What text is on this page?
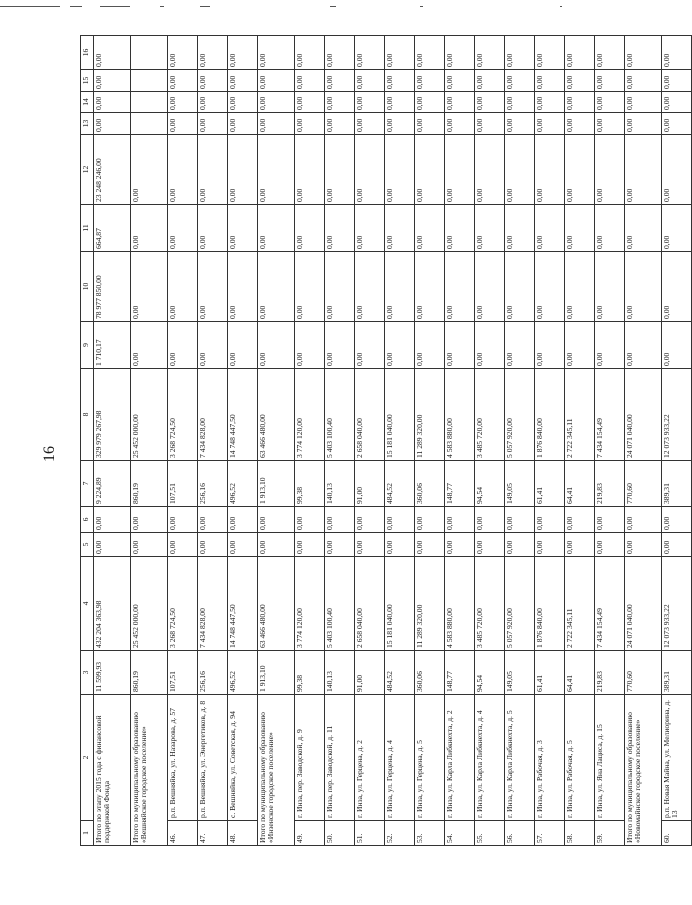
16
1	2	3	4	5	6	7	8	9	10	11	12	13	14	15	16
Итого по этапу 2015 года с финансовой поддержкой Фонда		11 599,93	432 204 363,98	0,00	0,00	9 224,89	329 979 267,98	1 710,17	78 977 850,00	664,87	23 248 246,00	0,00	0,00	0,00	0,00
Итого по муниципальному образованию «Вешняйское городское поселение»		860,19	25 452 000,00	0,00	0,00	860,19	25 452 000,00	0,00	0,00	0,00	0,00				
46.	р.п. Вешняйка, ул. Назарова, д. 57	107,51	3 268 724,50	0,00	0,00	107,51	3 268 724,50	0,00	0,00	0,00	0,00	0,00	0,00	0,00	0,00
47.	р.п. Вешняйка, ул. Энергетиков, д. 8	256,16	7 434 828,00	0,00	0,00	256,16	7 434 828,00	0,00	0,00	0,00	0,00	0,00	0,00	0,00	0,00
48.	с. Вешняйка, ул. Советская, д. 94	496,52	14 748 447,50	0,00	0,00	496,52	14 748 447,50	0,00	0,00	0,00	0,00	0,00	0,00	0,00	0,00
Итого по муниципальному образованию «Инзенское городское поселение»		1 913,10	63 466 480,00	0,00	0,00	1 913,10	63 466 480,00	0,00	0,00	0,00	0,00	0,00	0,00	0,00	0,00
49.	г. Инза, пер. Заводской, д. 9	99,38	3 774 120,00	0,00	0,00	99,38	3 774 120,00	0,00	0,00	0,00	0,00	0,00	0,00	0,00	0,00
50.	г. Инза, пер. Заводской, д. 11	140,13	5 403 100,40	0,00	0,00	140,13	5 403 100,40	0,00	0,00	0,00	0,00	0,00	0,00	0,00	0,00
51.	г. Инза, ул. Герцена, д. 2	91,00	2 658 040,00	0,00	0,00	91,00	2 658 040,00	0,00	0,00	0,00	0,00	0,00	0,00	0,00	0,00
52.	г. Инза, ул. Герцена, д. 4	484,52	15 181 040,00	0,00	0,00	484,52	15 181 040,00	0,00	0,00	0,00	0,00	0,00	0,00	0,00	0,00
53.	г. Инза, ул. Герцена, д. 5	360,06	11 289 320,00	0,00	0,00	360,06	11 289 320,00	0,00	0,00	0,00	0,00	0,00	0,00	0,00	0,00
54.	г. Инза, ул. Карла Либкнехта, д. 2	148,77	4 583 880,00	0,00	0,00	148,77	4 583 880,00	0,00	0,00	0,00	0,00	0,00	0,00	0,00	0,00
55.	г. Инза, ул. Карла Либкнехта, д. 4	94,54	3 485 720,00	0,00	0,00	94,54	3 485 720,00	0,00	0,00	0,00	0,00	0,00	0,00	0,00	0,00
56.	г. Инза, ул. Карла Либкнехта, д. 5	149,05	5 057 920,00	0,00	0,00	149,05	5 057 920,00	0,00	0,00	0,00	0,00	0,00	0,00	0,00	0,00
57.	г. Инза, ул. Рабочая, д. 3	61,41	1 876 840,00	0,00	0,00	61,41	1 876 840,00	0,00	0,00	0,00	0,00	0,00	0,00	0,00	0,00
58.	г. Инза, ул. Рабочая, д. 5	64,41	2 722 345,11	0,00	0,00	64,41	2 722 345,11	0,00	0,00	0,00	0,00	0,00	0,00	0,00	0,00
59.	г. Инза, ул. Яна Лациса, д. 15	219,83	7 434 154,49	0,00	0,00	219,83	7 434 154,49	0,00	0,00	0,00	0,00	0,00	0,00	0,00	0,00
Итого по муниципальному образованию «Новомайнское городское поселение»		770,60	24 071 040,00	0,00	0,00	770,60	24 071 040,00	0,00	0,00	0,00	0,00	0,00	0,00	0,00	0,00
60.	р.п. Новая Майна, ул. Мелиорина, д. 13	389,31	12 073 933,22	0,00	0,00	389,31	12 073 933,22	0,00	0,00	0,00	0,00	0,00	0,00	0,00	0,00
